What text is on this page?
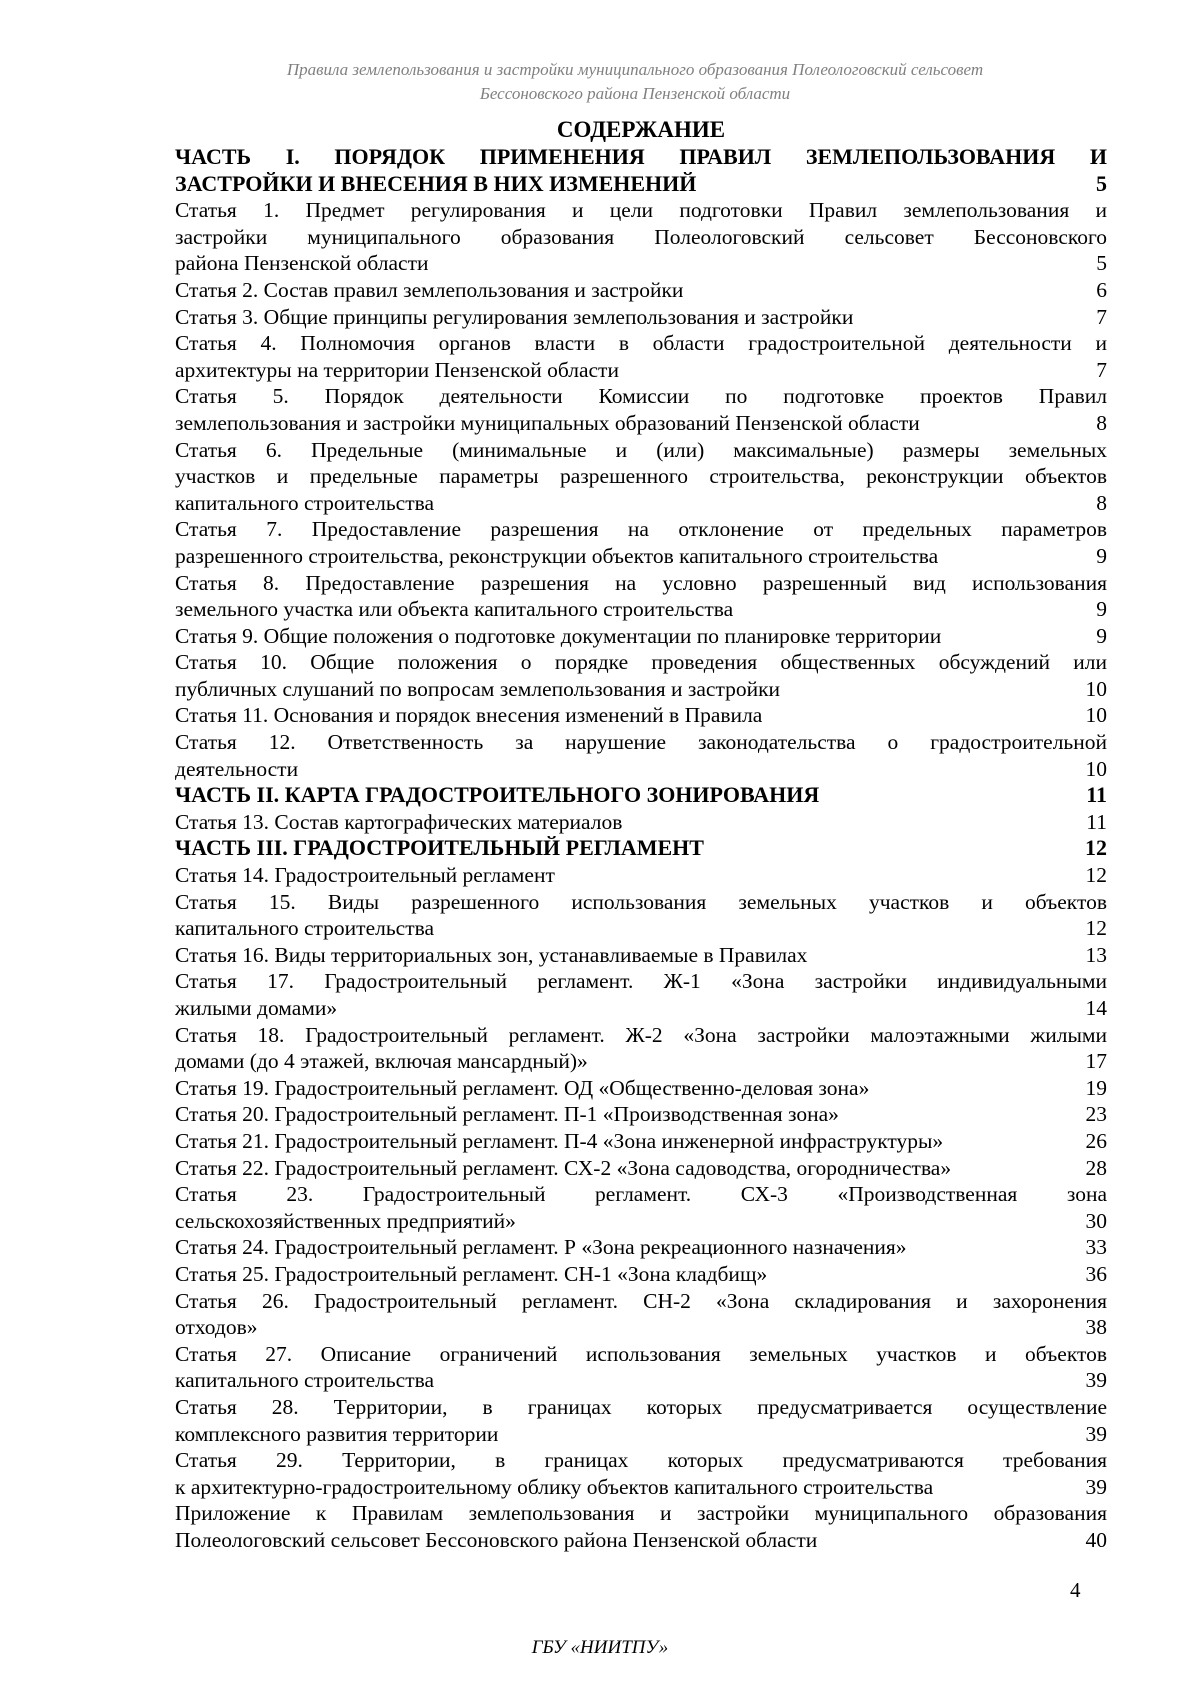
Правила землепользования и застройки муниципального образования Полеологовский сельсовет
Бессоновского района Пензенской области
СОДЕРЖАНИЕ
ЧАСТЬ I. ПОРЯДОК ПРИМЕНЕНИЯ ПРАВИЛ ЗЕМЛЕПОЛЬЗОВАНИЯ И
ЗАСТРОЙКИ И ВНЕСЕНИЯ В НИХ ИЗМЕНЕНИЙ	5
Статья 1. Предмет регулирования и цели подготовки Правил землепользования и
застройки муниципального образования Полеологовский сельсовет Бессоновского
района Пензенской области	5
Статья 2. Состав правил землепользования и застройки	6
Статья 3. Общие принципы регулирования землепользования и застройки	7
Статья 4. Полномочия органов власти в области градостроительной деятельности и
архитектуры на территории Пензенской области	7
Статья 5. Порядок деятельности Комиссии по подготовке проектов Правил
землепользования и застройки муниципальных образований Пензенской области	8
Статья 6. Предельные (минимальные и (или) максимальные) размеры земельных
участков и предельные параметры разрешенного строительства, реконструкции объектов
капитального строительства	8
Статья 7. Предоставление разрешения на отклонение от предельных параметров
разрешенного строительства, реконструкции объектов капитального строительства	9
Статья 8. Предоставление разрешения на условно разрешенный вид использования
земельного участка или объекта капитального строительства	9
Статья 9. Общие положения о подготовке документации по планировке территории	9
Статья 10. Общие положения о порядке проведения общественных обсуждений или
публичных слушаний по вопросам землепользования и застройки	10
Статья 11. Основания и порядок внесения изменений в Правила	10
Статья 12. Ответственность за нарушение законодательства о градостроительной
деятельности	10
ЧАСТЬ II. КАРТА ГРАДОСТРОИТЕЛЬНОГО ЗОНИРОВАНИЯ	11
Статья 13. Состав картографических материалов	11
ЧАСТЬ III. ГРАДОСТРОИТЕЛЬНЫЙ РЕГЛАМЕНТ	12
Статья 14. Градостроительный регламент	12
Статья 15. Виды разрешенного использования земельных участков и объектов
капитального строительства	12
Статья 16. Виды территориальных зон, устанавливаемые в Правилах	13
Статья 17. Градостроительный регламент. Ж-1 «Зона застройки индивидуальными
жилыми домами»	14
Статья 18. Градостроительный регламент. Ж-2 «Зона застройки малоэтажными жилыми
домами (до 4 этажей, включая мансардный)»	17
Статья 19. Градостроительный регламент. ОД «Общественно-деловая зона»	19
Статья 20. Градостроительный регламент. П-1 «Производственная зона»	23
Статья 21. Градостроительный регламент. П-4 «Зона инженерной инфраструктуры»	26
Статья 22. Градостроительный регламент. СХ-2 «Зона садоводства, огородничества»	28
Статья 23. Градостроительный регламент. СХ-3 «Производственная зона
сельскохозяйственных предприятий»	30
Статья 24. Градостроительный регламент. Р «Зона рекреационного назначения»	33
Статья 25. Градостроительный регламент. СН-1 «Зона кладбищ»	36
Статья 26. Градостроительный регламент. СН-2 «Зона складирования и захоронения
отходов»	38
Статья 27. Описание ограничений использования земельных участков и объектов
капитального строительства	39
Статья 28. Территории, в границах которых предусматривается осуществление
комплексного развития территории	39
Статья 29. Территории, в границах которых предусматриваются требования
к архитектурно-градостроительному облику объектов капитального строительства	39
Приложение к Правилам землепользования и застройки муниципального образования
Полеологовский сельсовет Бессоновского района Пензенской области	40
4
ГБУ «НИИТПУ»
